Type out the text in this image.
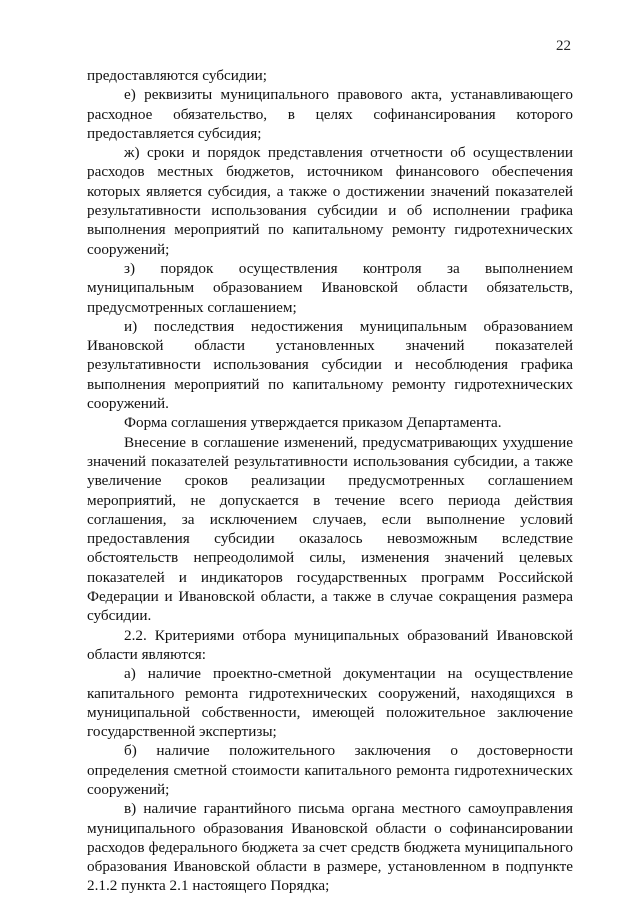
22

предоставляются субсидии;

е) реквизиты муниципального правового акта, устанавливающего расходное обязательство, в целях софинансирования которого предоставляется субсидия;

ж) сроки и порядок представления отчетности об осуществлении расходов местных бюджетов, источником финансового обеспечения которых является субсидия, а также о достижении значений показателей результативности использования субсидии и об исполнении графика выполнения мероприятий по капитальному ремонту гидротехнических сооружений;

з) порядок осуществления контроля за выполнением муниципальным образованием Ивановской области обязательств, предусмотренных соглашением;

и) последствия недостижения муниципальным образованием Ивановской области установленных значений показателей результативности использования субсидии и несоблюдения графика выполнения мероприятий по капитальному ремонту гидротехнических сооружений.

Форма соглашения утверждается приказом Департамента.

Внесение в соглашение изменений, предусматривающих ухудшение значений показателей результативности использования субсидии, а также увеличение сроков реализации предусмотренных соглашением мероприятий, не допускается в течение всего периода действия соглашения, за исключением случаев, если выполнение условий предоставления субсидии оказалось невозможным вследствие обстоятельств непреодолимой силы, изменения значений целевых показателей и индикаторов государственных программ Российской Федерации и Ивановской области, а также в случае сокращения размера субсидии.

2.2. Критериями отбора муниципальных образований Ивановской области являются:

а) наличие проектно-сметной документации на осуществление капитального ремонта гидротехнических сооружений, находящихся в муниципальной собственности, имеющей положительное заключение государственной экспертизы;

б) наличие положительного заключения о достоверности определения сметной стоимости капитального ремонта гидротехнических сооружений;

в) наличие гарантийного письма органа местного самоуправления муниципального образования Ивановской области о софинансировании расходов федерального бюджета за счет средств бюджета муниципального образования Ивановской области в размере, установленном в подпункте 2.1.2 пункта 2.1 настоящего Порядка;
